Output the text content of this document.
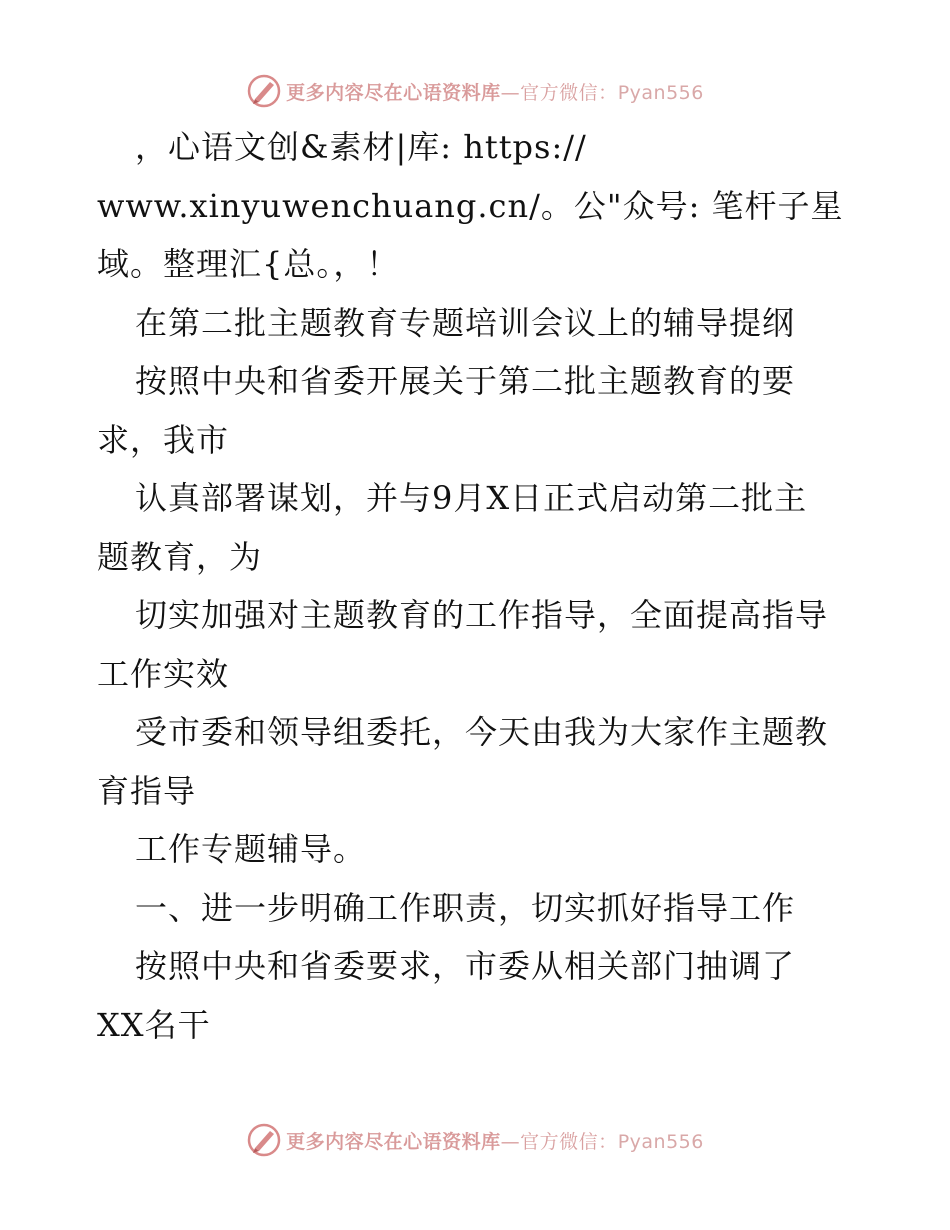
更多内容尽在心语资料库—官方微信：Pyan556
，心语文创&素材|库: https://
www.xinyuwenchuang.cn/。公"众号: 笔杆子星
域。整理汇{总。，！
在第二批主题教育专题培训会议上的辅导提纲
按照中央和省委开展关于第二批主题教育的要
求，我市
认真部署谋划，并与9月X日正式启动第二批主
题教育，为
切实加强对主题教育的工作指导，全面提高指导
工作实效
受市委和领导组委托，今天由我为大家作主题教
育指导
工作专题辅导。
一、进一步明确工作职责，切实抓好指导工作
按照中央和省委要求，市委从相关部门抽调了
XX名干
更多内容尽在心语资料库—官方微信：Pyan556
